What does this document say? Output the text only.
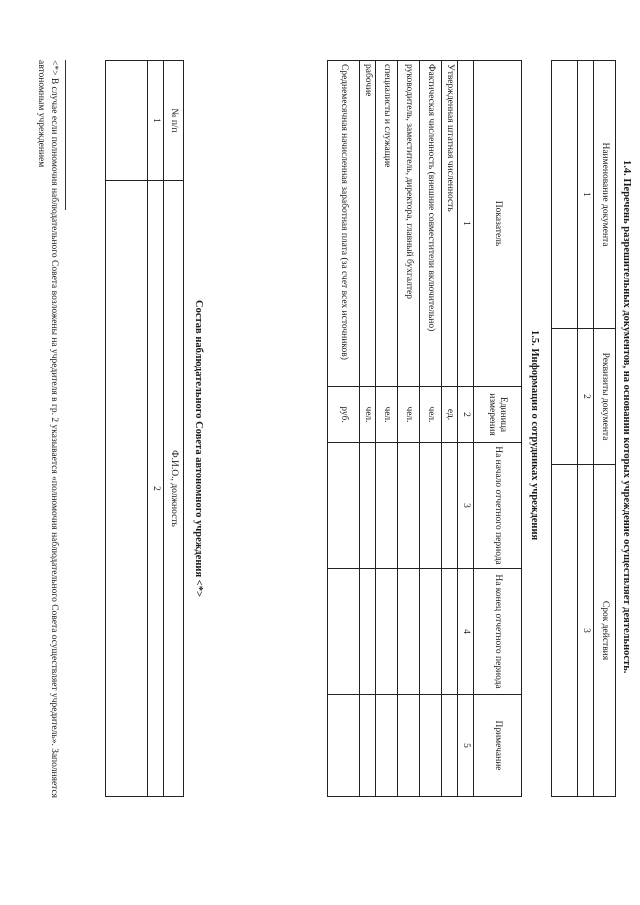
1.4. Перечень разрешительных документов, на основании которых учреждение осуществляет деятельность.
Наименование документа	Реквизиты документа	Срок действия
1	2	3

1.5. Информация о сотрудниках учреждения
Показатель	Единица измерения	На начало отчетного периода	На конец отчетного периода	Примечание
1	2	3	4	5
Утвержденная штатная численность	ед.			
Фактическая численность (внешние совместители включительно)	чел.			
руководитель, заместитель, директора, главный бухгалтер	чел.			
специалисты и служащие	чел.			
рабочие	чел.			
Среднемесячная начисленная заработная плата (за счет всех источников)	руб.			
Состав наблюдательного Совета автономного учреждения <*>
№ п/п	Ф.И.О., должность
1	2

<*> В случае если полномочия наблюдательного Совета возложены на учредителя в гр. 2 указывается «полномочия наблюдательного Совета осуществляет учредитель». Заполняется автономным учреждением
